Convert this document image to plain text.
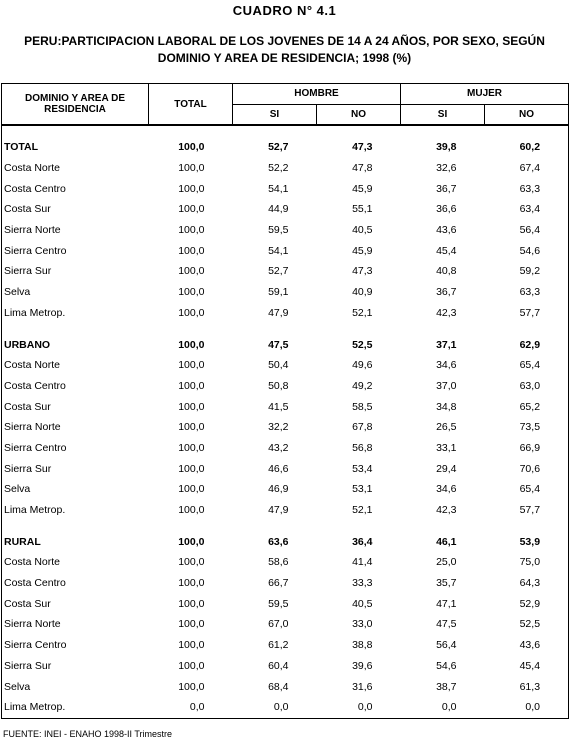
CUADRO N° 4.1
PERU:PARTICIPACION LABORAL DE LOS JOVENES DE 14 A 24 AÑOS, POR SEXO, SEGÚN
DOMINIO Y AREA DE RESIDENCIA; 1998 (%)
DOMINIO Y AREA DE RESIDENCIA	TOTAL	HOMBRE		MUJER	
		SI	NO	SI	NO

TOTAL	100,0	52,7	47,3	39,8	60,2
Costa Norte	100,0	52,2	47,8	32,6	67,4
Costa Centro	100,0	54,1	45,9	36,7	63,3
Costa Sur	100,0	44,9	55,1	36,6	63,4
Sierra Norte	100,0	59,5	40,5	43,6	56,4
Sierra Centro	100,0	54,1	45,9	45,4	54,6
Sierra Sur	100,0	52,7	47,3	40,8	59,2
Selva	100,0	59,1	40,9	36,7	63,3
Lima Metrop.	100,0	47,9	52,1	42,3	57,7

URBANO	100,0	47,5	52,5	37,1	62,9
Costa Norte	100,0	50,4	49,6	34,6	65,4
Costa Centro	100,0	50,8	49,2	37,0	63,0
Costa Sur	100,0	41,5	58,5	34,8	65,2
Sierra Norte	100,0	32,2	67,8	26,5	73,5
Sierra Centro	100,0	43,2	56,8	33,1	66,9
Sierra Sur	100,0	46,6	53,4	29,4	70,6
Selva	100,0	46,9	53,1	34,6	65,4
Lima Metrop.	100,0	47,9	52,1	42,3	57,7

RURAL	100,0	63,6	36,4	46,1	53,9
Costa Norte	100,0	58,6	41,4	25,0	75,0
Costa Centro	100,0	66,7	33,3	35,7	64,3
Costa Sur	100,0	59,5	40,5	47,1	52,9
Sierra Norte	100,0	67,0	33,0	47,5	52,5
Sierra Centro	100,0	61,2	38,8	56,4	43,6
Sierra Sur	100,0	60,4	39,6	54,6	45,4
Selva	100,0	68,4	31,6	38,7	61,3
Lima Metrop.	0,0	0,0	0,0	0,0	0,0
FUENTE: INEI - ENAHO 1998-II Trimestre
